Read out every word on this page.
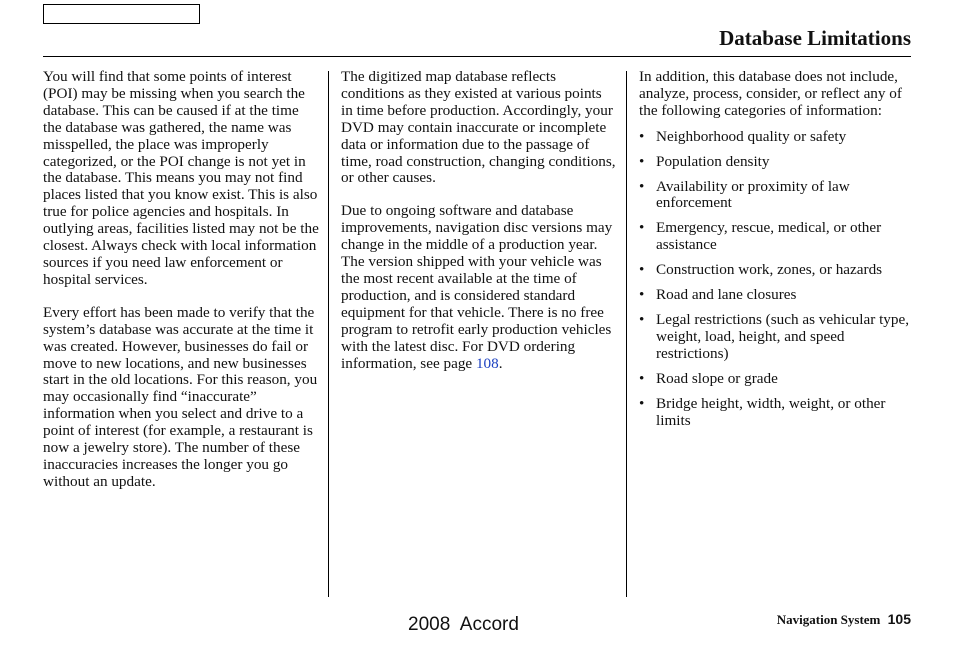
Database Limitations

You will find that some points of interest (POI) may be missing when you search the database. This can be caused if at the time the database was gathered, the name was misspelled, the place was improperly categorized, or the POI change is not yet in the database. This means you may not find places listed that you know exist. This is also true for police agencies and hospitals. In outlying areas, facilities listed may not be the closest. Always check with local information sources if you need law enforcement or hospital services.

Every effort has been made to verify that the system’s database was accurate at the time it was created. However, businesses do fail or move to new locations, and new businesses start in the old locations. For this reason, you may occasionally find “inaccurate” information when you select and drive to a point of interest (for example, a restaurant is now a jewelry store). The number of these inaccuracies increases the longer you go without an update.

The digitized map database reflects conditions as they existed at various points in time before production. Accordingly, your DVD may contain inaccurate or incomplete data or information due to the passage of time, road construction, changing conditions, or other causes.

Due to ongoing software and database improvements, navigation disc versions may change in the middle of a production year. The version shipped with your vehicle was the most recent available at the time of production, and is considered standard equipment for that vehicle. There is no free program to retrofit early production vehicles with the latest disc. For DVD ordering information, see page 108.

In addition, this database does not include, analyze, process, consider, or reflect any of the following categories of information:

• Neighborhood quality or safety
• Population density
• Availability or proximity of law enforcement
• Emergency, rescue, medical, or other assistance
• Construction work, zones, or hazards
• Road and lane closures
• Legal restrictions (such as vehicular type, weight, load, height, and speed restrictions)
• Road slope or grade
• Bridge height, width, weight, or other limits
2008  Accord	Navigation System 105
